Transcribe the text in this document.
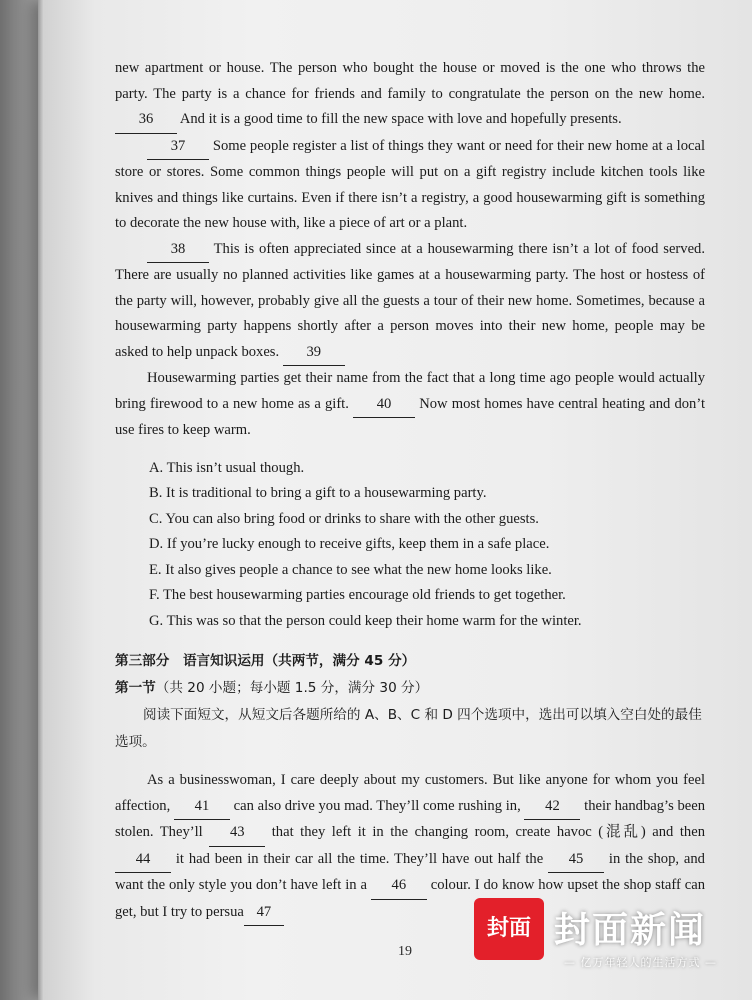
new apartment or house. The person who bought the house or moved is the one who throws the party. The party is a chance for friends and family to congratulate the person on the new home. 36 And it is a good time to fill the new space with love and hopefully presents.

37 Some people register a list of things they want or need for their new home at a local store or stores. Some common things people will put on a gift registry include kitchen tools like knives and things like curtains. Even if there isn’t a registry, a good housewarming gift is something to decorate the new house with, like a piece of art or a plant.

38 This is often appreciated since at a housewarming there isn’t a lot of food served. There are usually no planned activities like games at a housewarming party. The host or hostess of the party will, however, probably give all the guests a tour of their new home. Sometimes, because a housewarming party happens shortly after a person moves into their new home, people may be asked to help unpack boxes. 39

Housewarming parties get their name from the fact that a long time ago people would actually bring firewood to a new home as a gift. 40 Now most homes have central heating and don’t use fires to keep warm.

A. This isn’t usual though.
B. It is traditional to bring a gift to a housewarming party.
C. You can also bring food or drinks to share with the other guests.
D. If you’re lucky enough to receive gifts, keep them in a safe place.
E. It also gives people a chance to see what the new home looks like.
F. The best housewarming parties encourage old friends to get together.
G. This was so that the person could keep their home warm for the winter.
第三部分　语言知识运用（共两节，满分 45 分）
第一节（共 20 小题；每小题 1.5 分，满分 30 分）

阅读下面短文，从短文后各题所给的 A、B、C 和 D 四个选项中，选出可以填入空白处的最佳选项。

As a businesswoman, I care deeply about my customers. But like anyone for whom you feel affection, 41 can also drive you mad. They’ll come rushing in, 42 their handbag’s been stolen. They’ll 43 that they left it in the changing room, create havoc (混乱) and then 44 it had been in their car all the time. They’ll have out half the 45 in the shop, and want the only style you don’t have left in a 46 colour. I do know how upset the shop staff can get, but I try to persua 47

19
封面 封面新闻
— 亿万年轻人的生活方式 —
